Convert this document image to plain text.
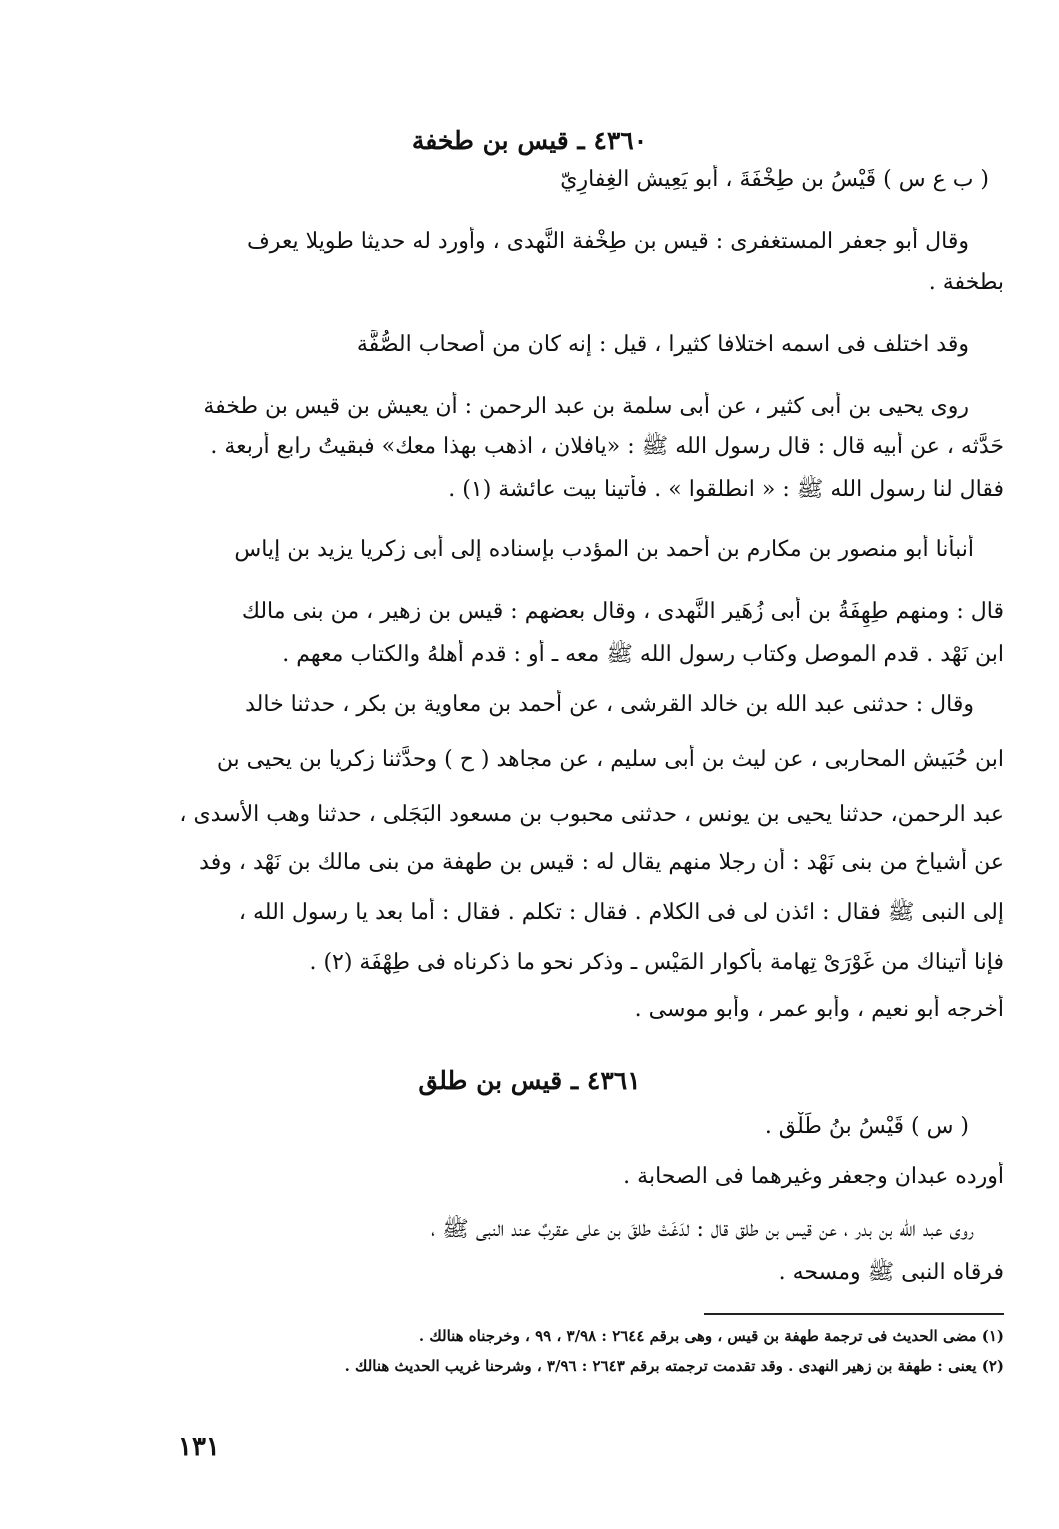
٤٣٦٠ ـ قيس بن طخفة
( ب ع س ) قَيْسُ بن طِخْفَةَ ، أبو يَعِيش الغِفارِيّ
وقال أبو جعفر المستغفرى : قيس بن طِخْفة النَّهدى ، وأورد له حديثا طويلا يعرف
بطخفة .
وقد اختلف فى اسمه اختلافا كثيرا ، قيل : إنه كان من أصحاب الصُّفَّة
روى يحيى بن أبى كثير ، عن أبى سلمة بن عبد الرحمن : أن يعيش بن قيس بن طخفة
حَدَّثه ، عن أبيه قال : قال رسول الله ﷺ : «يافلان ، اذهب بهذا معك» فبقيتُ رابع أربعة .
فقال لنا رسول الله ﷺ : « انطلقوا » . فأتينا بيت عائشة (١) .
أنبأنا أبو منصور بن مكارم بن أحمد بن المؤدب بإسناده إلى أبى زكريا يزيد بن إياس
قال : ومنهم طِهِفَةُ بن أبى زُهَير النَّهدى ، وقال بعضهم : قيس بن زهير ، من بنى مالك
ابن نَهْد . قدم الموصل وكتاب رسول الله ﷺ معه ـ أو : قدم أهلهُ والكتاب معهم .
وقال : حدثنى عبد الله بن خالد القرشى ، عن أحمد بن معاوية بن بكر ، حدثنا خالد
ابن حُبَيش المحاربى ، عن ليث بن أبى سليم ، عن مجاهد ( ح ) وحدَّثنا زكريا بن يحيى بن
عبد الرحمن، حدثنا يحيى بن يونس ، حدثنى محبوب بن مسعود البَجَلى ، حدثنا وهب الأسدى ،
عن أشياخ من بنى نَهْد : أن رجلا منهم يقال له : قيس بن طهفة من بنى مالك بن نَهْد ، وفد
إلى النبى ﷺ فقال : ائذن لى فى الكلام . فقال : تكلم . فقال : أما بعد يا رسول الله ،
فإنا أتيناك من غَوْرَىْ تِهامة بأكوار المَيْس ـ وذكر نحو ما ذكرناه فى طِهْفَة (٢) .
أخرجه أبو نعيم ، وأبو عمر ، وأبو موسى .
٤٣٦١ ـ قيس بن طلق
( س ) قَيْسُ بنُ طَلْق .
أورده عبدان وجعفر وغيرهما فى الصحابة .
روى عبد الله بن بدر ، عن قيس بن طلق قال : لدَغَتْ طلقَ بن على عقربٌ عند النبى ﷺ ،
فرقاه النبى ﷺ ومسحه .
(١) مضى الحديث فى ترجمة طهفة بن قيس ، وهى برقم ٢٦٤٤ : ٣/٩٨ ، ٩٩ ، وخرجناه هنالك .
(٢) يعنى : طهفة بن زهير النهدى . وقد تقدمت ترجمته برقم ٢٦٤٣ : ٣/٩٦ ، وشرحنا غريب الحديث هنالك .
١٣١
